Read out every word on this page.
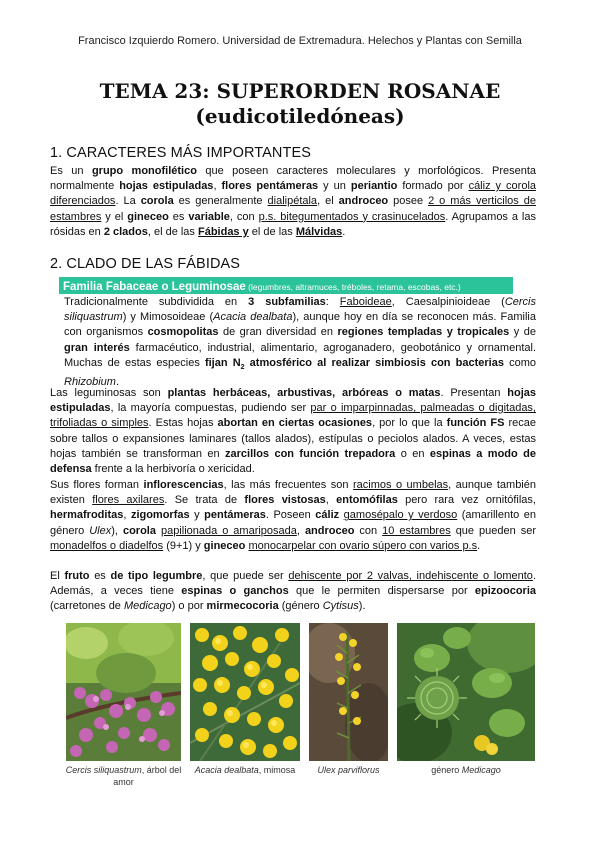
Francisco Izquierdo Romero. Universidad de Extremadura. Helechos y Plantas con Semilla
TEMA 23: SUPERORDEN ROSANAE
(eudicotiledóneas)
1. CARACTERES MÁS IMPORTANTES
Es un grupo monofilético que poseen caracteres moleculares y morfológicos. Presenta normalmente hojas estipuladas, flores pentámeras y un periantio formado por cáliz y corola diferenciados. La corola es generalmente dialipétala, el androceo posee 2 o más verticilos de estambres y el gineceo es variable, con p.s. bitegumentados y crasinucelados. Agrupamos a las rósidas en 2 clados, el de las Fábidas y el de las Málvidas.
2. CLADO DE LAS FÁBIDAS
Familia Fabaceae o Leguminosae (legumbres, altramuces, tréboles, retama, escobas, etc.)
Tradicionalmente subdividida en 3 subfamilias: Faboideae, Caesalpinioideae (Cercis siliquastrum) y Mimosoideae (Acacia dealbata), aunque hoy en día se reconocen más. Familia con organismos cosmopolitas de gran diversidad en regiones templadas y tropicales y de gran interés farmacéutico, industrial, alimentario, agroganadero, geobotánico y ornamental. Muchas de estas especies fijan $N_2$ atmosférico al realizar simbiosis con bacterias como Rhizobium.
Las leguminosas son plantas herbáceas, arbustivas, arbóreas o matas. Presentan hojas estipuladas, la mayoría compuestas, pudiendo ser par o imparpinnadas, palmeadas o digitadas, trifoliadas o simples. Estas hojas abortan en ciertas ocasiones, por lo que la función FS recae sobre tallos o expansiones laminares (tallos alados), estípulas o peciolos alados. A veces, estas hojas también se transforman en zarcillos con función trepadora o en espinas a modo de defensa frente a la herbivoría o xericidad.
Sus flores forman inflorescencias, las más frecuentes son racimos o umbelas, aunque también existen flores axilares. Se trata de flores vistosas, entomófilas pero rara vez ornitófilas, hermafroditas, zigomorfas y pentámeras. Poseen cáliz gamosépalo y verdoso (amarillento en género Ulex), corola papilionada o amariposada, androceo con 10 estambres que pueden ser monadelfos o diadelfos (9+1) y gineceo monocarpelar con ovario súpero con varios p.s.
El fruto es de tipo legumbre, que puede ser dehiscente por 2 valvas, indehiscente o lomento. Además, a veces tiene espinas o ganchos que le permiten dispersarse por epizoocoria (carretones de Medicago) o por mirmecocoria (género Cytisus).
Cercis siliquastrum, árbol del amor
Acacia dealbata, mimosa	Ulex parviflorus	género Medicago
